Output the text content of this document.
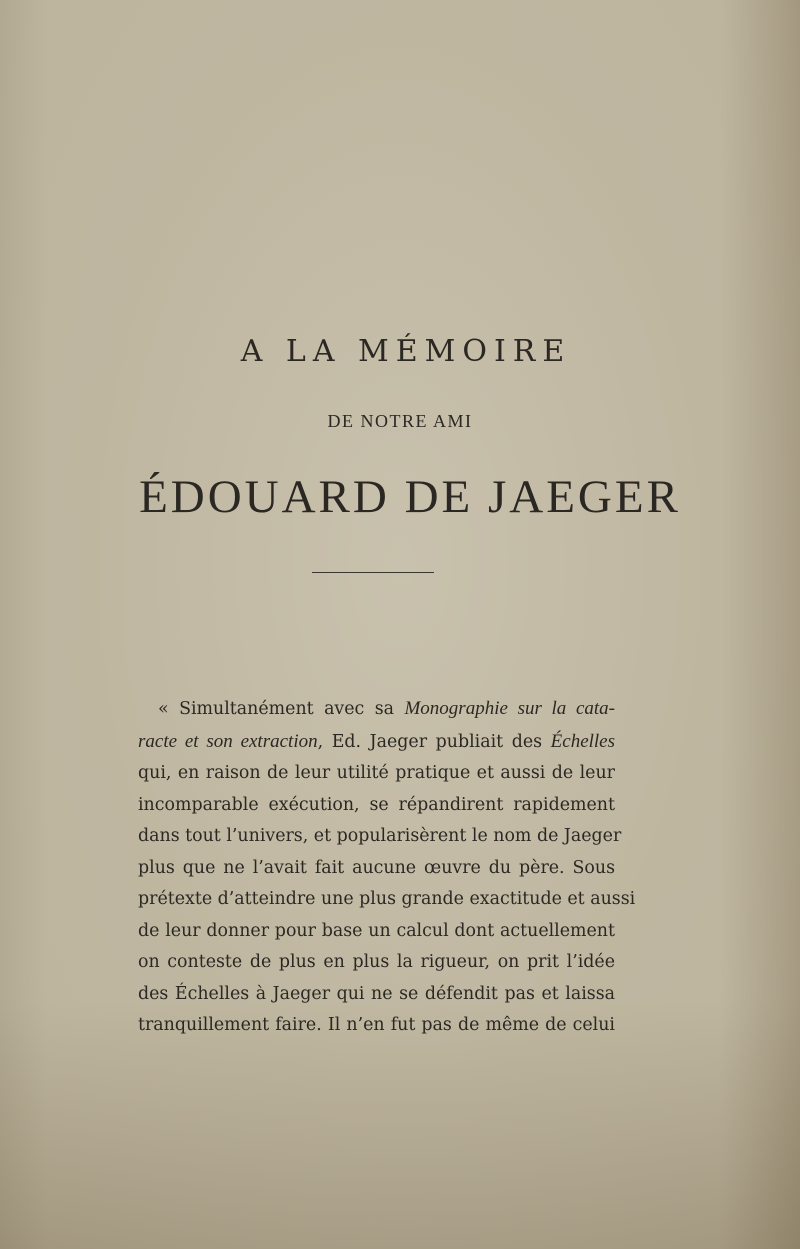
A LA MÉMOIRE
DE NOTRE AMI
ÉDOUARD DE JAEGER
« Simultanément avec sa Monographie sur la cata-
racte et son extraction, Ed. Jaeger publiait des Échelles
qui, en raison de leur utilité pratique et aussi de leur
incomparable exécution, se répandirent rapidement
dans tout l’univers, et popularisèrent le nom de Jaeger
plus que ne l’avait fait aucune œuvre du père. Sous
prétexte d’atteindre une plus grande exactitude et aussi
de leur donner pour base un calcul dont actuellement
on conteste de plus en plus la rigueur, on prit l’idée
des Échelles à Jaeger qui ne se défendit pas et laissa
tranquillement faire. Il n’en fut pas de même de celui
